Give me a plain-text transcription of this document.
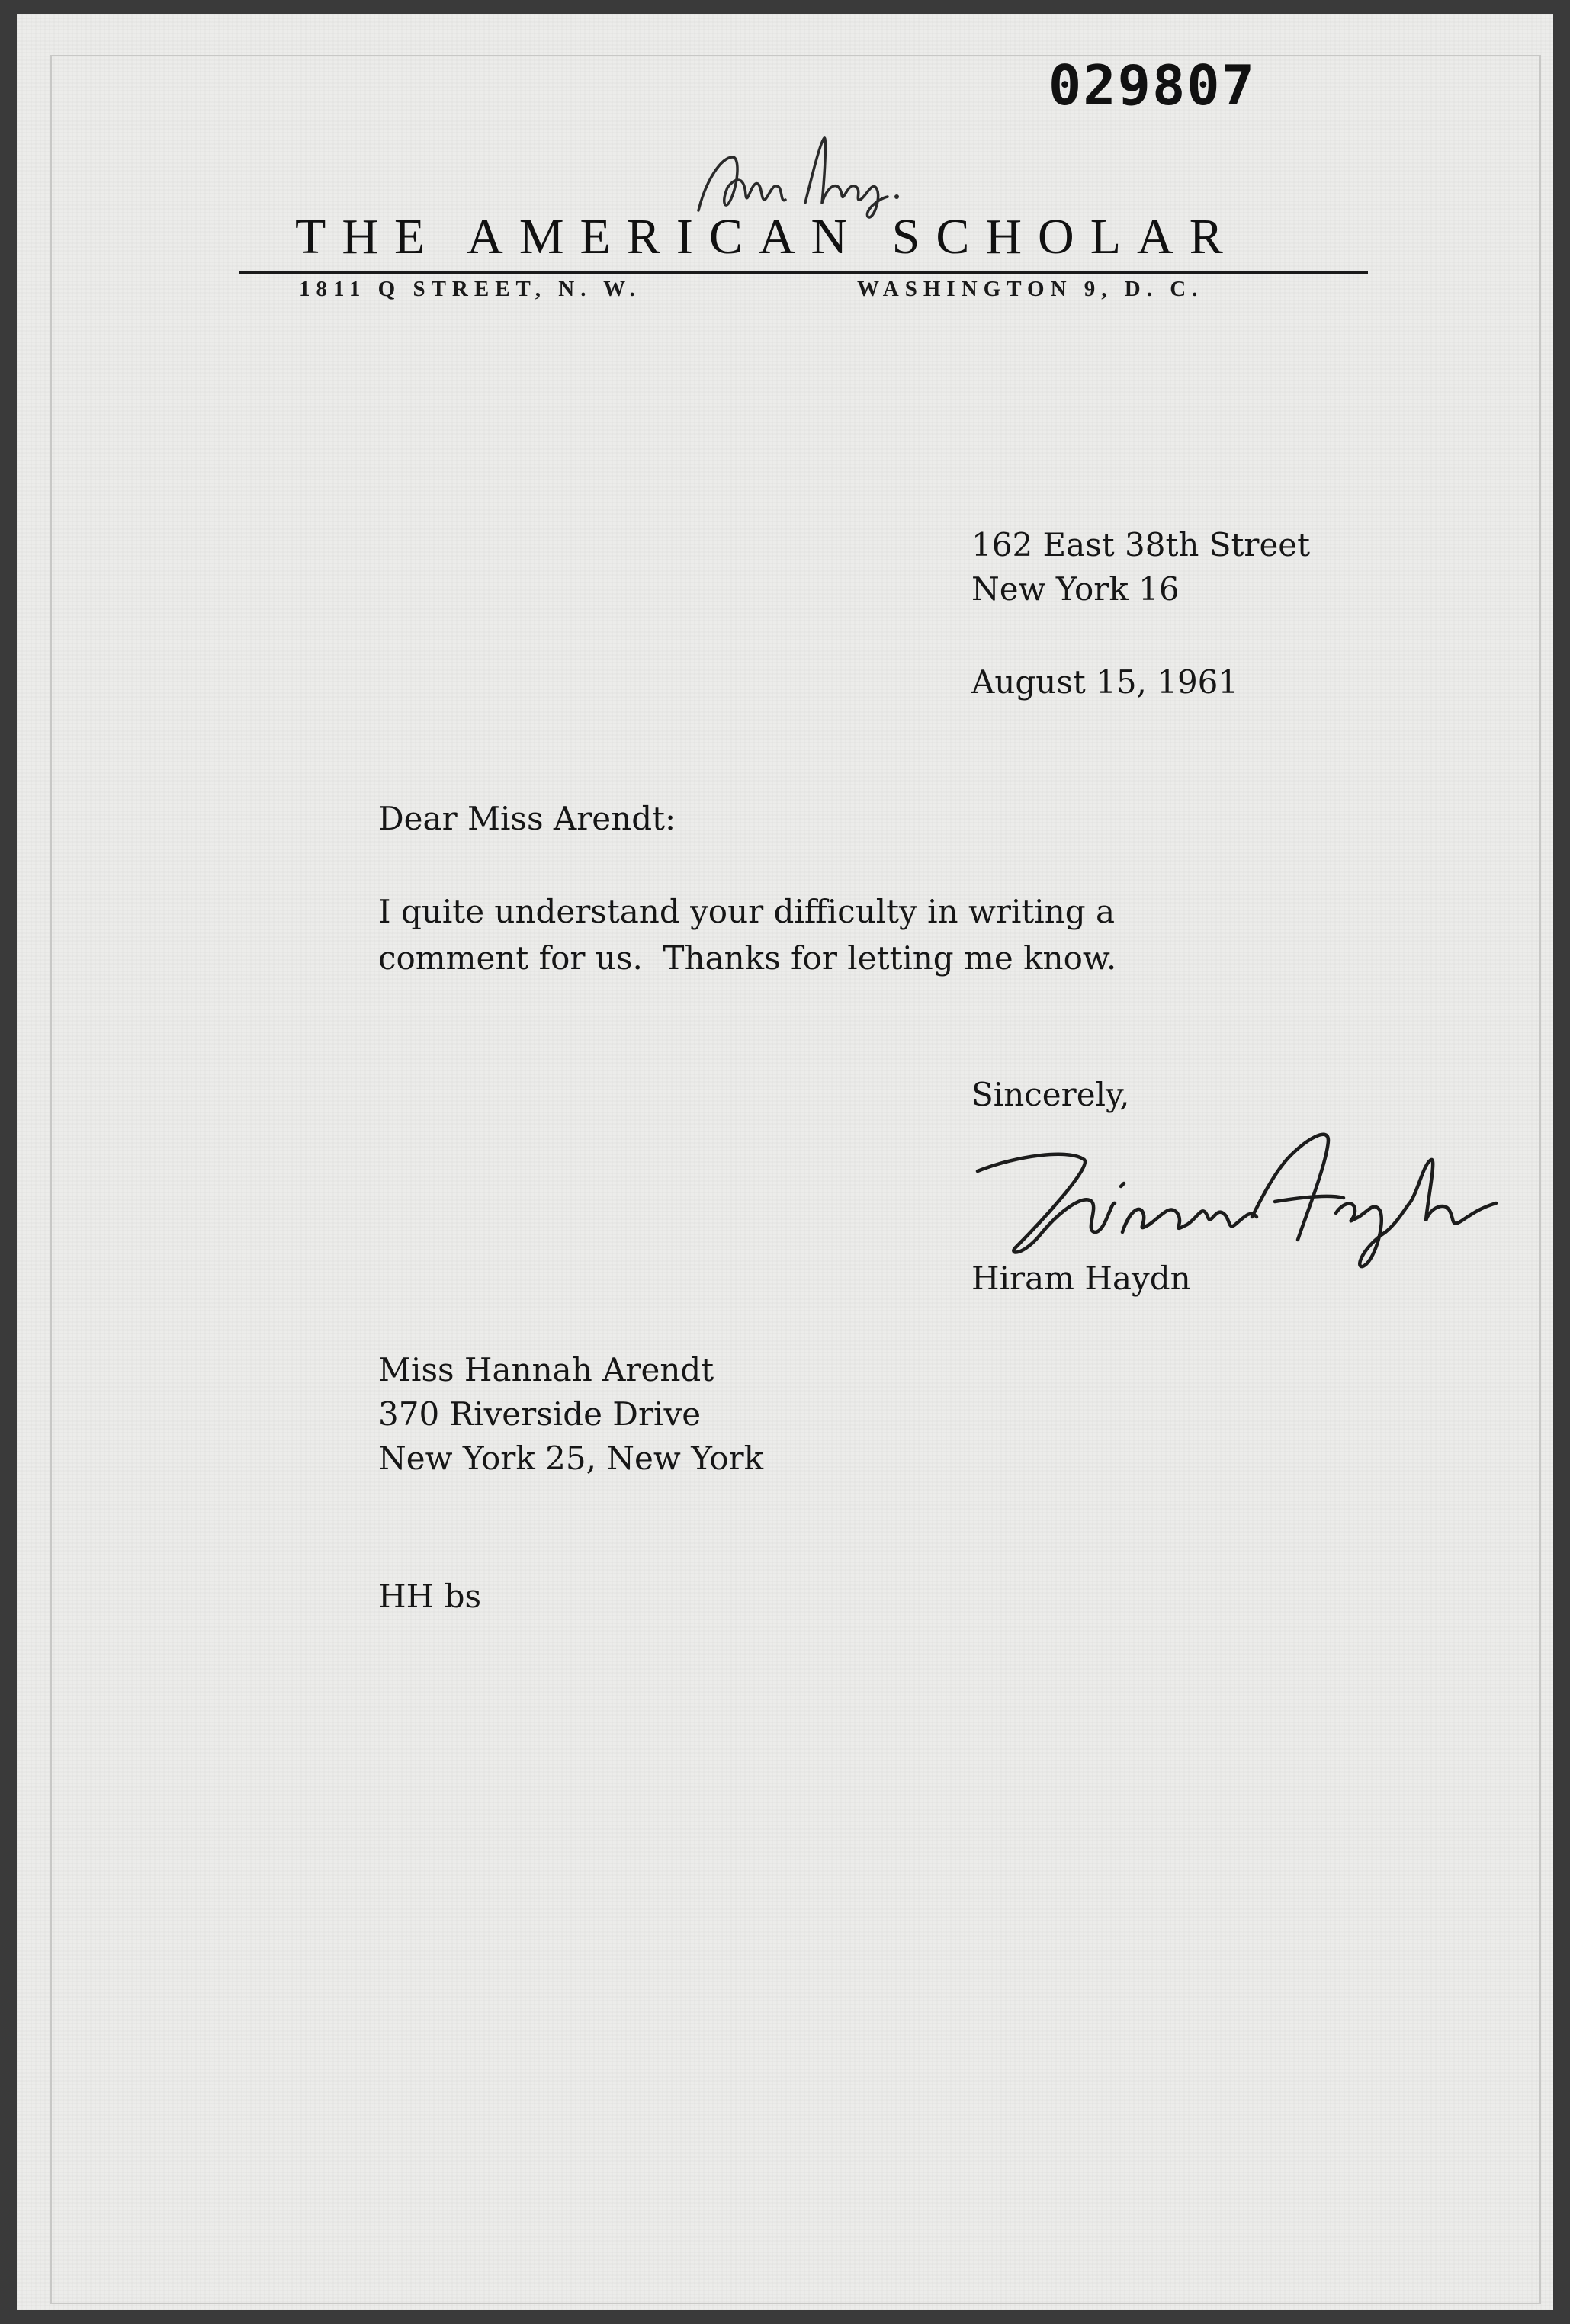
029807
THE AMERICAN SCHOLAR
1811 Q STREET, N. W.	WASHINGTON 9, D. C.
162 East 38th Street
New York 16
August 15, 1961
Dear Miss Arendt:
I quite understand your difficulty in writing a
comment for us.  Thanks for letting me know.
Sincerely,
Hiram Haydn
Miss Hannah Arendt
370 Riverside Drive
New York 25, New York
HH bs
